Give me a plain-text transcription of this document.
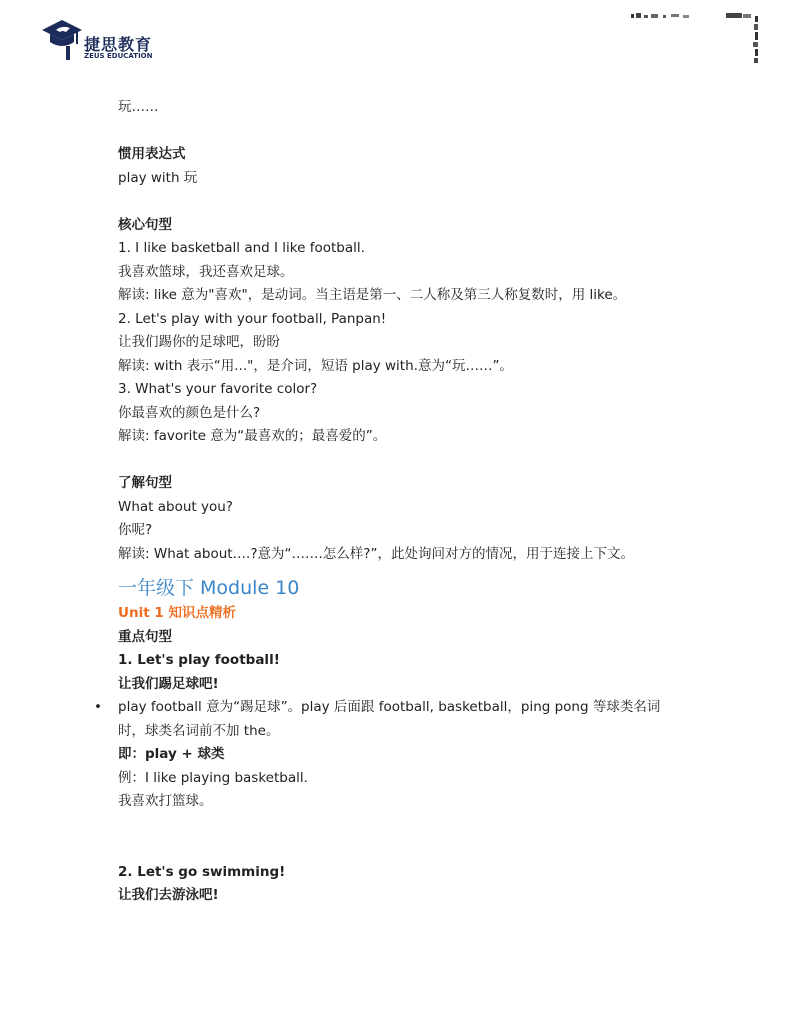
捷思教育
ZEUS EDUCATION
玩……
惯用表达式
play with 玩
核心句型
1. I like basketball and I like football.
我喜欢篮球，我还喜欢足球。
解读: like 意为"喜欢"，是动词。当主语是第一、二人称及第三人称复数时，用 like。
2. Let's play with your football, Panpan!
让我们踢你的足球吧，盼盼
解读: with 表示“用..."，是介词，短语 play with.意为“玩……”。
3. What's your favorite color?
你最喜欢的颜色是什么?
解读: favorite 意为“最喜欢的；最喜爱的”。
了解句型
What about you?
你呢?
解读: What about….?意为“…….怎么样?”，此处询问对方的情况，用于连接上下文。
一年级下 Module 10
Unit 1 知识点精析
重点句型
1. Let's play football!
让我们踢足球吧!
• play football 意为“踢足球”。play 后面跟 football, basketball，ping pong 等球类名词时，球类名词前不加 the。
即：play + 球类
例：I like playing basketball.
我喜欢打篮球。
2. Let's go swimming!
让我们去游泳吧!
